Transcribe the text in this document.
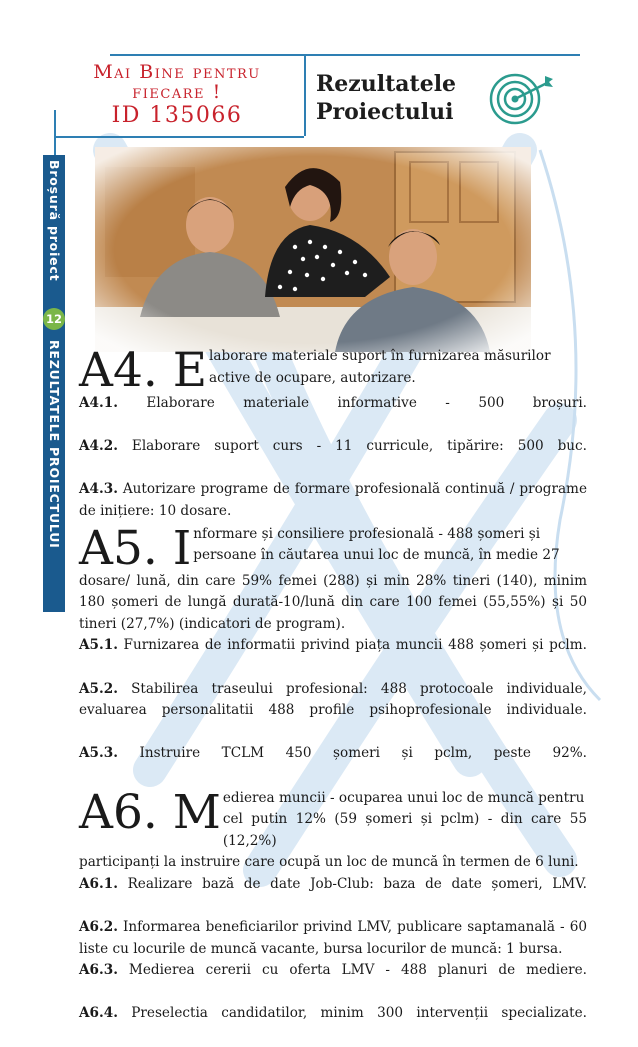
Mai Bine pentru
fiecare !
ID 135066
Rezultatele
Proiectului
Broșură proiect
12
REZULTATELE PROIECTULUI A4. E laborare materiale suport în furnizarea măsurilor
active de ocupare, autorizare.

A4.1. Elaborare materiale informative - 500 broșuri.

A4.2. Elaborare suport curs - 11 curricule, tipărire: 500 buc.

A4.3. Autorizare programe de formare profesională continuă / programe de inițiere: 10 dosare.

A5. I nformare și consiliere profesională - 488 șomeri și
persoane în căutarea unui loc de muncă, în medie 27

dosare/ lună, din care 59% femei (288) și min 28% tineri (140), minim 180 șomeri de lungă durată-10/lună din care 100 femei (55,55%) și 50 tineri (27,7%) (indicatori de program).

A5.1. Furnizarea de informatii privind piața muncii 488 șomeri și pclm.

A5.2. Stabilirea traseului profesional: 488 protocoale individuale, evaluarea personalitatii 488 profile psihoprofesionale individuale.

A5.3. Instruire TCLM 450 șomeri și pclm, peste 92%.

A6. M edierea muncii - ocuparea unui loc de muncă pentru
cel putin 12% (59 șomeri și pclm) - din care 55 (12,2%)

participanți la instruire care ocupă un loc de muncă în termen de 6 luni.

A6.1. Realizare bază de date Job-Club: baza de date șomeri, LMV.

A6.2. Informarea beneficiarilor privind LMV, publicare saptamanală - 60 liste cu locurile de muncă vacante, bursa locurilor de muncă: 1 bursa.

A6.3. Medierea cererii cu oferta LMV - 488 planuri de mediere.

A6.4. Preselectia candidatilor, minim 300 intervenții specializate.
